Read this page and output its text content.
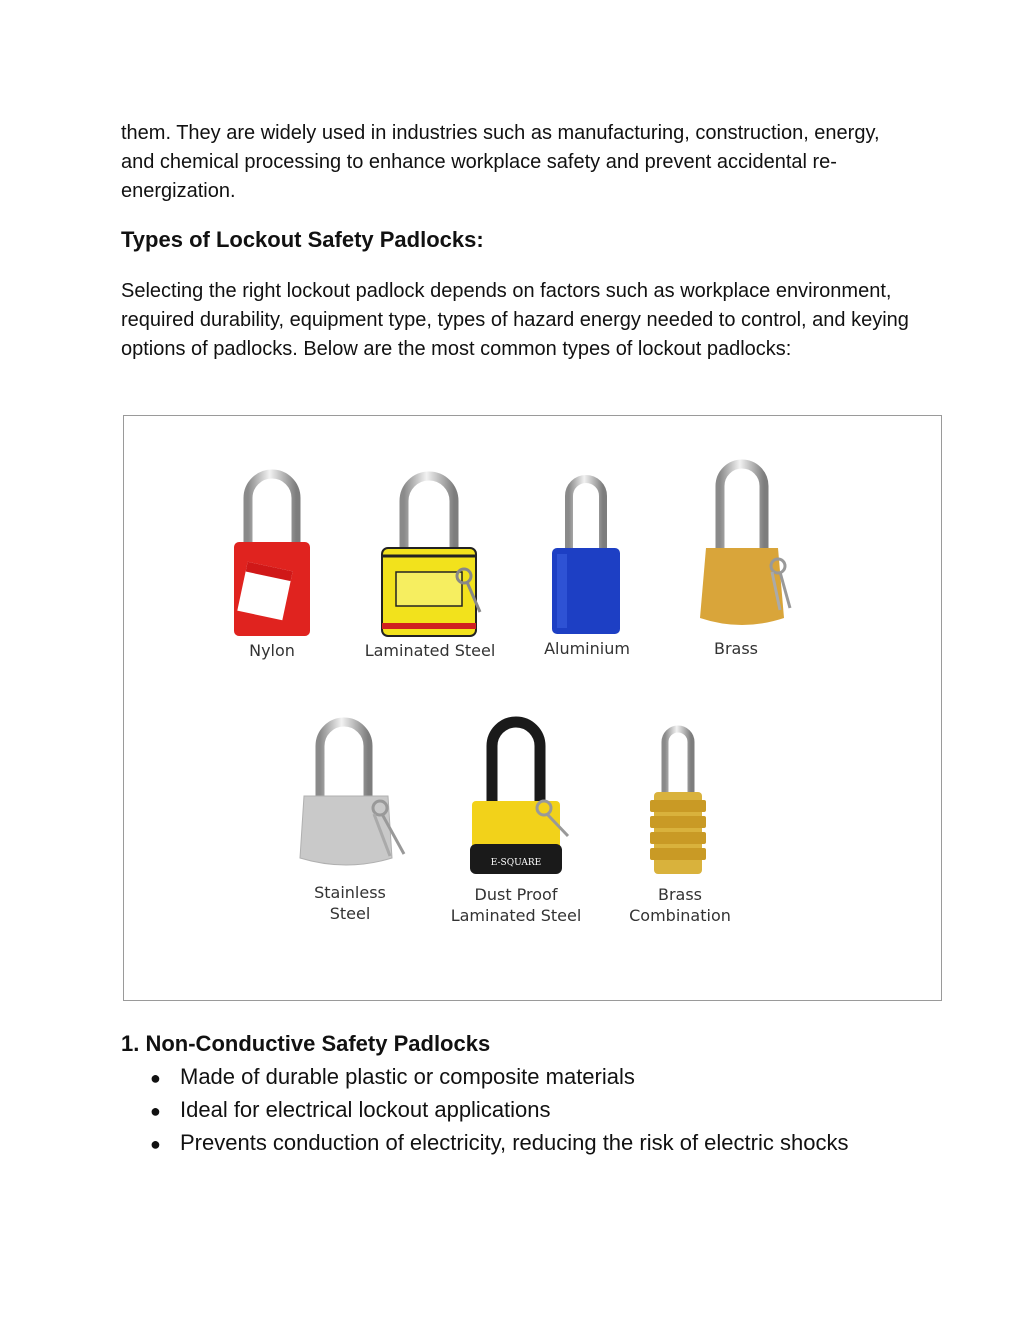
them. They are widely used in industries such as manufacturing, construction, energy, and chemical processing to enhance workplace safety and prevent accidental re-energization.

Types of Lockout Safety Padlocks:

Selecting the right lockout padlock depends on factors such as workplace environment, required durability, equipment type, types of hazard energy needed to control, and keying options of padlocks. Below are the most common types of lockout padlocks:

Nylon	Laminated Steel	Aluminium	Brass
Stainless
Steel
E-SQUARE
Dust Proof
Laminated Steel
Brass
Combination
1. Non-Conductive Safety Padlocks
● Made of durable plastic or composite materials
● Ideal for electrical lockout applications
● Prevents conduction of electricity, reducing the risk of electric shocks
